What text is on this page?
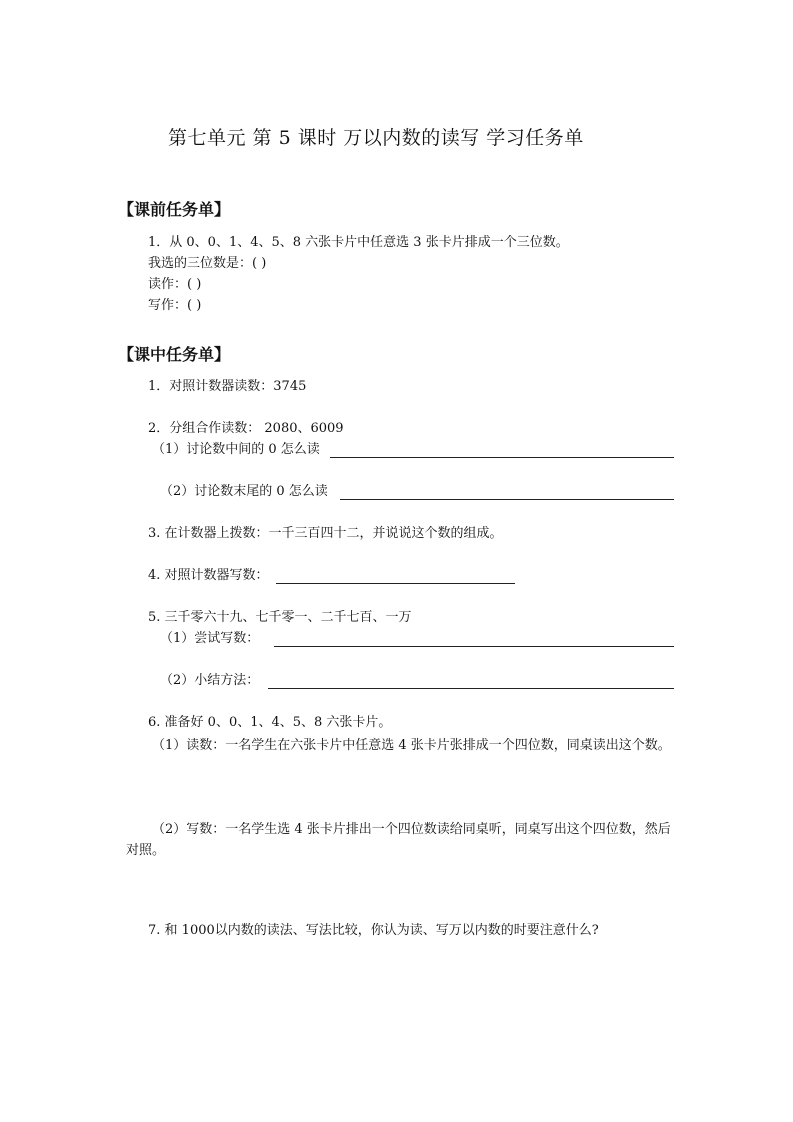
第七单元 第 5 课时 万以内数的读写 学习任务单
【课前任务单】
1．从 0、0、1、4、5、8 六张卡片中任意选 3 张卡片排成一个三位数。
我选的三位数是：( )
读作：( )
写作：( )
【课中任务单】
1．对照计数器读数：3745
2．分组合作读数： 2080、6009
（1）讨论数中间的 0 怎么读
（2）讨论数末尾的 0 怎么读
3. 在计数器上拨数：一千三百四十二，并说说这个数的组成。
4. 对照计数器写数：
5. 三千零六十九、七千零一、二千七百、一万
（1）尝试写数：
（2）小结方法：
6. 准备好 0、0、1、4、5、8 六张卡片。
（1）读数：一名学生在六张卡片中任意选 4 张卡片张排成一个四位数，同桌读出这个数。
（2）写数：一名学生选 4 张卡片排出一个四位数读给同桌听，同桌写出这个四位数，然后对照。
7. 和 1000以内数的读法、写法比较，你认为读、写万以内数的时要注意什么?
